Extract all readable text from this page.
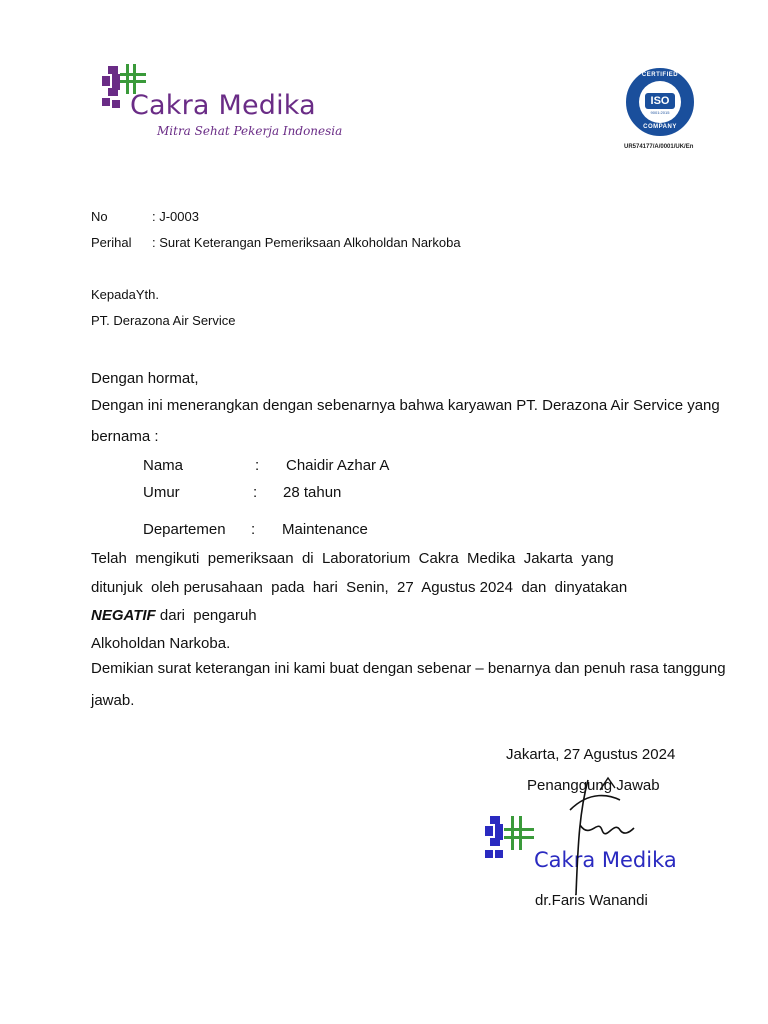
Cakra Medika
Mitra Sehat Pekerja Indonesia
ISO
9001:2015
CERTIFIED
COMPANY
UR574177/A/0001/UK/En
No	: J-0003
Perihal : Surat Keterangan Pemeriksaan Alkoholdan Narkoba
KepadaYth.
PT. Derazona Air Service
Dengan hormat,
Dengan ini menerangkan dengan sebenarnya bahwa karyawan PT. Derazona Air Service yang
bernama :
Nama	: Chaidir Azhar A
Umur	: 28 tahun
Departemen : Maintenance
Telah  mengikuti  pemeriksaan  di  Laboratorium  Cakra  Medika  Jakarta  yang
ditunjuk  oleh perusahaan  pada  hari  Senin,  27  Agustus 2024  dan  dinyatakan
NEGATIF dari  pengaruh
Alkoholdan Narkoba.
Demikian surat keterangan ini kami buat dengan sebenar – benarnya dan penuh rasa tanggung
jawab.
Jakarta, 27 Agustus 2024
Penanggung Jawab
Cakra Medika
dr.Faris Wanandi
